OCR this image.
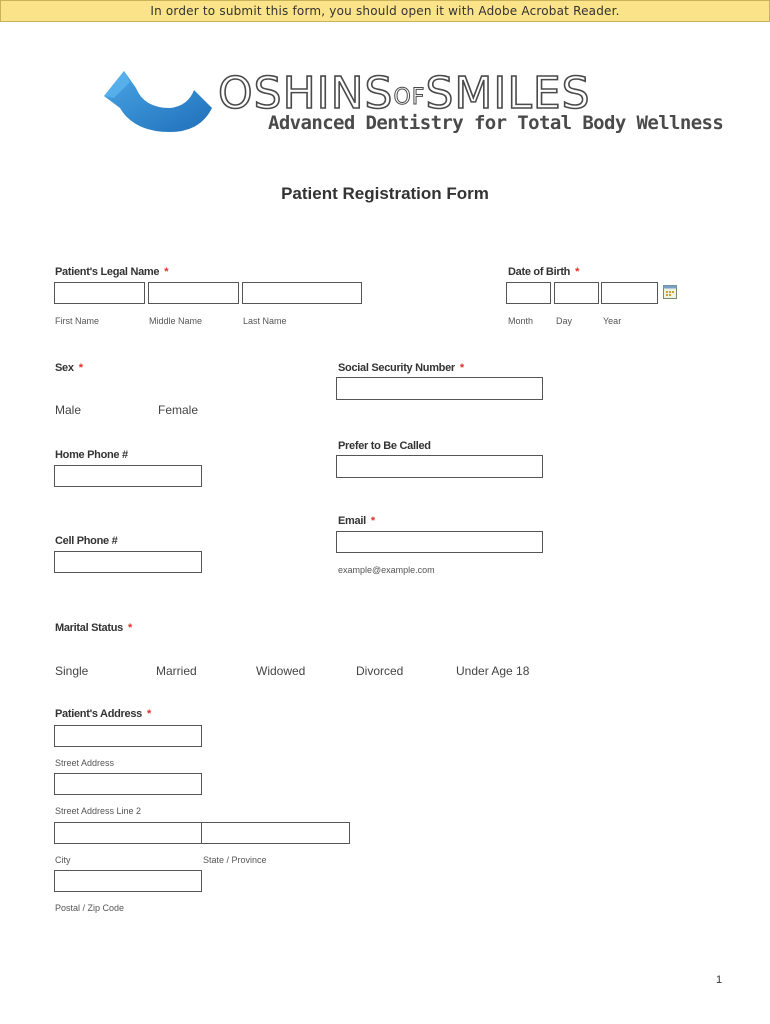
In order to submit this form, you should open it with Adobe Acrobat Reader.
OSHINSOFSMILES
Advanced Dentistry for Total Body Wellness
Patient Registration Form
Patient's Legal Name *
First Name	Middle Name	Last Name
Date of Birth *
Month	Day	Year
Sex *
Male	Female
Social Security Number *
Prefer to Be Called
Home Phone #
Email *
example@example.com
Cell Phone #
Marital Status *
Single	Married	Widowed	Divorced	Under Age 18
Patient's Address *
Street Address
Street Address Line 2
City	State / Province
Postal / Zip Code
1
